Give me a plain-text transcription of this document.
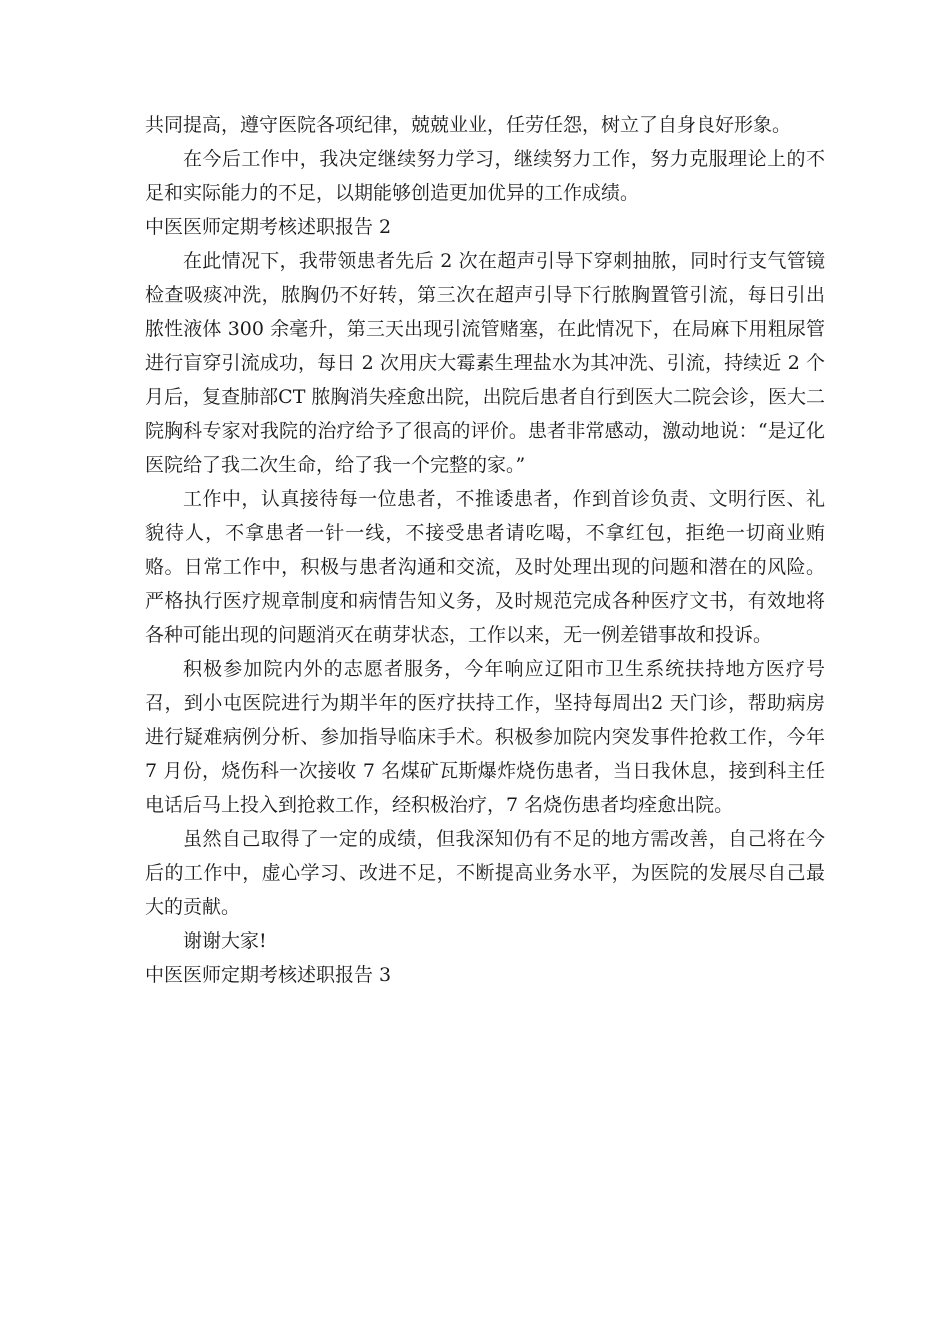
共同提高，遵守医院各项纪律，兢兢业业，任劳任怨，树立了自身良好形象。

在今后工作中，我决定继续努力学习，继续努力工作，努力克服理论上的不足和实际能力的不足，以期能够创造更加优异的工作成绩。

中医医师定期考核述职报告 2

在此情况下，我带领患者先后 2 次在超声引导下穿刺抽脓，同时行支气管镜检查吸痰冲洗，脓胸仍不好转，第三次在超声引导下行脓胸置管引流，每日引出脓性液体 300 余毫升，第三天出现引流管赌塞，在此情况下，在局麻下用粗尿管进行盲穿引流成功，每日 2 次用庆大霉素生理盐水为其冲洗、引流，持续近 2 个月后，复查肺部CT 脓胸消失痊愈出院，出院后患者自行到医大二院会诊，医大二院胸科专家对我院的治疗给予了很高的评价。患者非常感动，激动地说：“是辽化医院给了我二次生命，给了我一个完整的家。”

工作中，认真接待每一位患者，不推诿患者，作到首诊负责、文明行医、礼貌待人，不拿患者一针一线，不接受患者请吃喝，不拿红包，拒绝一切商业贿赂。日常工作中，积极与患者沟通和交流，及时处理出现的问题和潜在的风险。严格执行医疗规章制度和病情告知义务，及时规范完成各种医疗文书，有效地将各种可能出现的问题消灭在萌芽状态，工作以来，无一例差错事故和投诉。

积极参加院内外的志愿者服务，今年响应辽阳市卫生系统扶持地方医疗号召，到小屯医院进行为期半年的医疗扶持工作，坚持每周出2 天门诊，帮助病房进行疑难病例分析、参加指导临床手术。积极参加院内突发事件抢救工作，今年 7 月份，烧伤科一次接收 7 名煤矿瓦斯爆炸烧伤患者，当日我休息，接到科主任电话后马上投入到抢救工作，经积极治疗，7 名烧伤患者均痊愈出院。

虽然自己取得了一定的成绩，但我深知仍有不足的地方需改善，自己将在今后的工作中，虚心学习、改进不足，不断提高业务水平，为医院的发展尽自己最大的贡献。

谢谢大家!

中医医师定期考核述职报告 3
